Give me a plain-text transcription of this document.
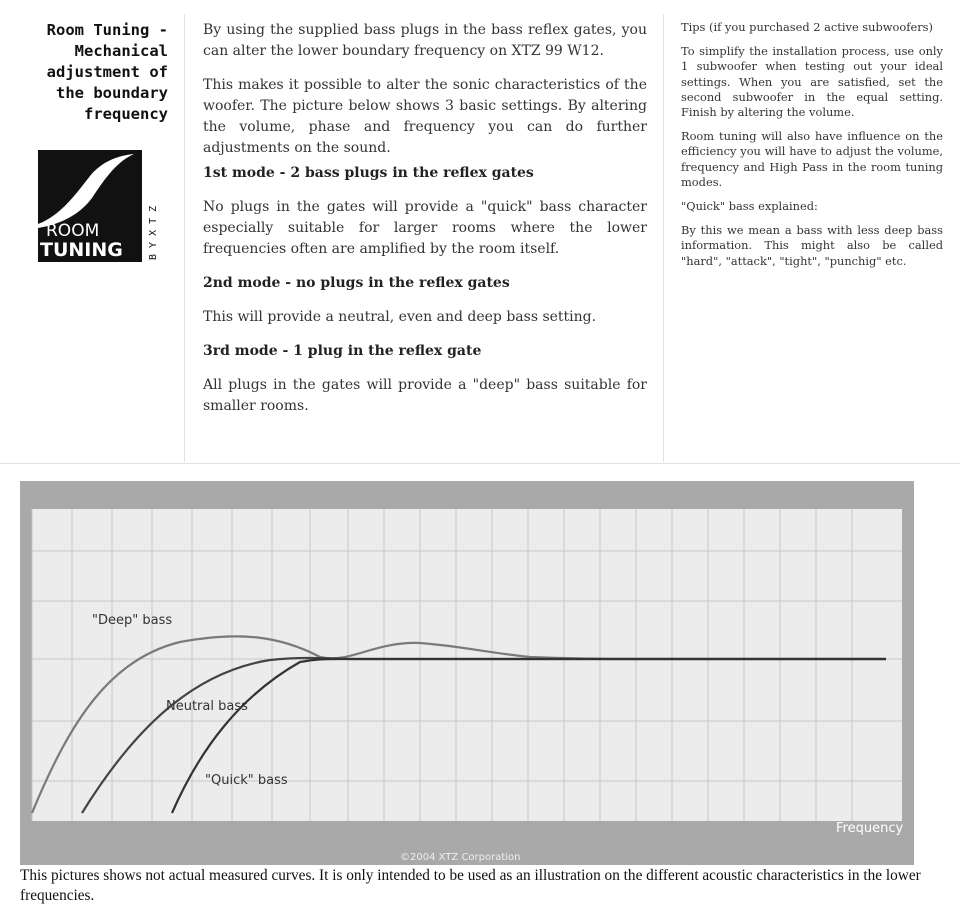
Room Tuning - Mechanical adjustment of the boundary frequency
ROOM
TUNING	B Y X T Z

By using the supplied bass plugs in the bass reflex gates, you can alter the lower boundary frequency on XTZ 99 W12.

This makes it possible to alter the sonic characteristics of the woofer. The picture below shows 3 basic settings. By altering the volume, phase and frequency you can do further adjustments on the sound.

1st mode - 2 bass plugs in the reflex gates

No plugs in the gates will provide a "quick" bass character especially suitable for larger rooms where the lower frequencies often are amplified by the room itself.

2nd mode - no plugs in the reflex gates

This will provide a neutral, even and deep bass setting.

3rd mode - 1 plug in the reflex gate

All plugs in the gates will provide a "deep" bass suitable for smaller rooms.

Tips (if you purchased 2 active subwoofers)

To simplify the installation process, use only 1 subwoofer when testing out your ideal settings. When you are satisfied, set the second subwoofer in the equal setting. Finish by altering the volume.

Room tuning will also have influence on the efficiency you will have to adjust the volume, frequency and High Pass in the room tuning modes.

"Quick" bass explained:

By this we mean a bass with less deep bass information. This might also be called "hard", "attack", "tight", "punchig" etc.

"Deep" bass
Neutral bass
"Quick" bass
Frequency
©2004 XTZ Corporation
This pictures shows not actual measured curves. It is only intended to be used as an illustration on the different acoustic characteristics in the lower frequencies.
